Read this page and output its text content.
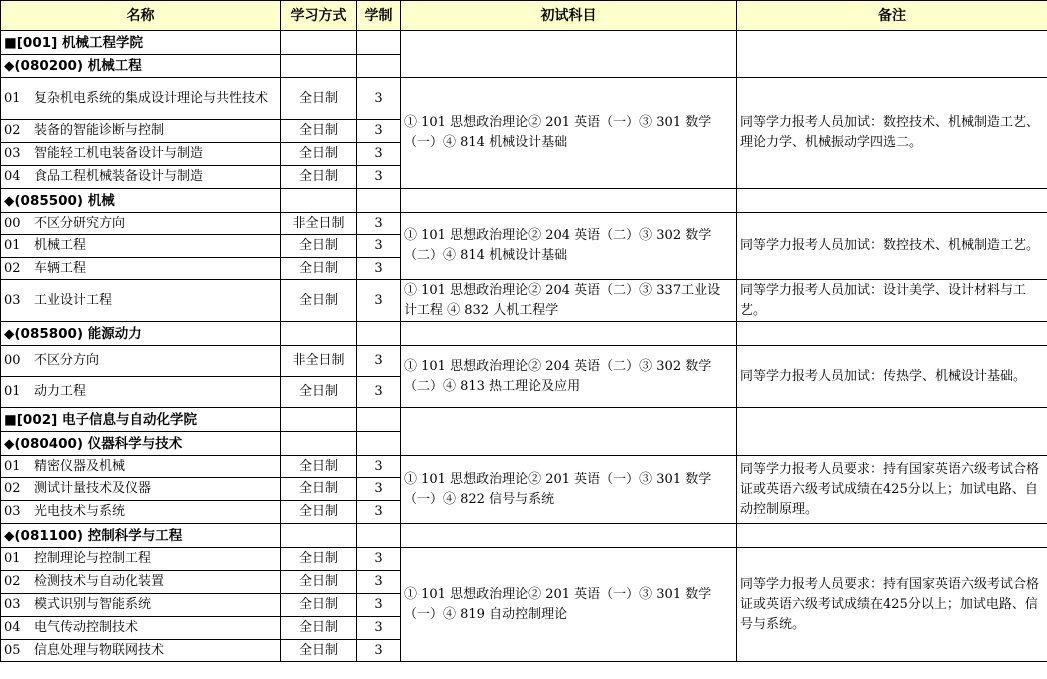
名称	学习方式	学制	初试科目	备注
■[001] 机械工程学院				
◆(080200) 机械工程				

01 复杂机电系统的集成设计理论与共性技术	全日制	3	① 101 思想政治理论② 201 英语（一）③ 301 数学（一）④ 814 机械设计基础	同等学力报考人员加试：数控技术、机械制造工艺、理论力学、机械振动学四选二。
02 装备的智能诊断与控制	全日制	3		
03 智能轻工机电装备设计与制造	全日制	3		
04 食品工程机械装备设计与制造	全日制	3		
◆(085500) 机械				
00 不区分研究方向	非全日制	3	① 101 思想政治理论② 204 英语（二）③ 302 数学（二）④ 814 机械设计基础	同等学力报考人员加试：数控技术、机械制造工艺。
01 机械工程	全日制	3		
02 车辆工程	全日制	3		
03 工业设计工程	全日制	3	① 101 思想政治理论② 204 英语（二）③ 337工业设计工程 ④ 832 人机工程学	同等学力报考人员加试：设计美学、设计材料与工艺。
◆(085800) 能源动力				
00 不区分方向	非全日制	3	① 101 思想政治理论② 204 英语（二）③ 302 数学（二）④ 813 热工理论及应用	同等学力报考人员加试：传热学、机械设计基础。
01 动力工程	全日制	3		
■[002] 电子信息与自动化学院				
◆(080400) 仪器科学与技术				
01 精密仪器及机械	全日制	3	① 101 思想政治理论② 201 英语（一）③ 301 数学（一）④ 822 信号与系统	同等学力报考人员要求：持有国家英语六级考试合格证或英语六级考试成绩在425分以上；加试电路、自动控制原理。
02 测试计量技术及仪器	全日制	3		
03 光电技术与系统	全日制	3		
◆(081100) 控制科学与工程				
01 控制理论与控制工程	全日制	3	① 101 思想政治理论② 201 英语（一）③ 301 数学（一）④ 819 自动控制理论	同等学力报考人员要求：持有国家英语六级考试合格证或英语六级考试成绩在425分以上；加试电路、信号与系统。
02 检测技术与自动化装置	全日制	3		
03 模式识别与智能系统	全日制	3		
04 电气传动控制技术	全日制	3		
05 信息处理与物联网技术	全日制	3		
